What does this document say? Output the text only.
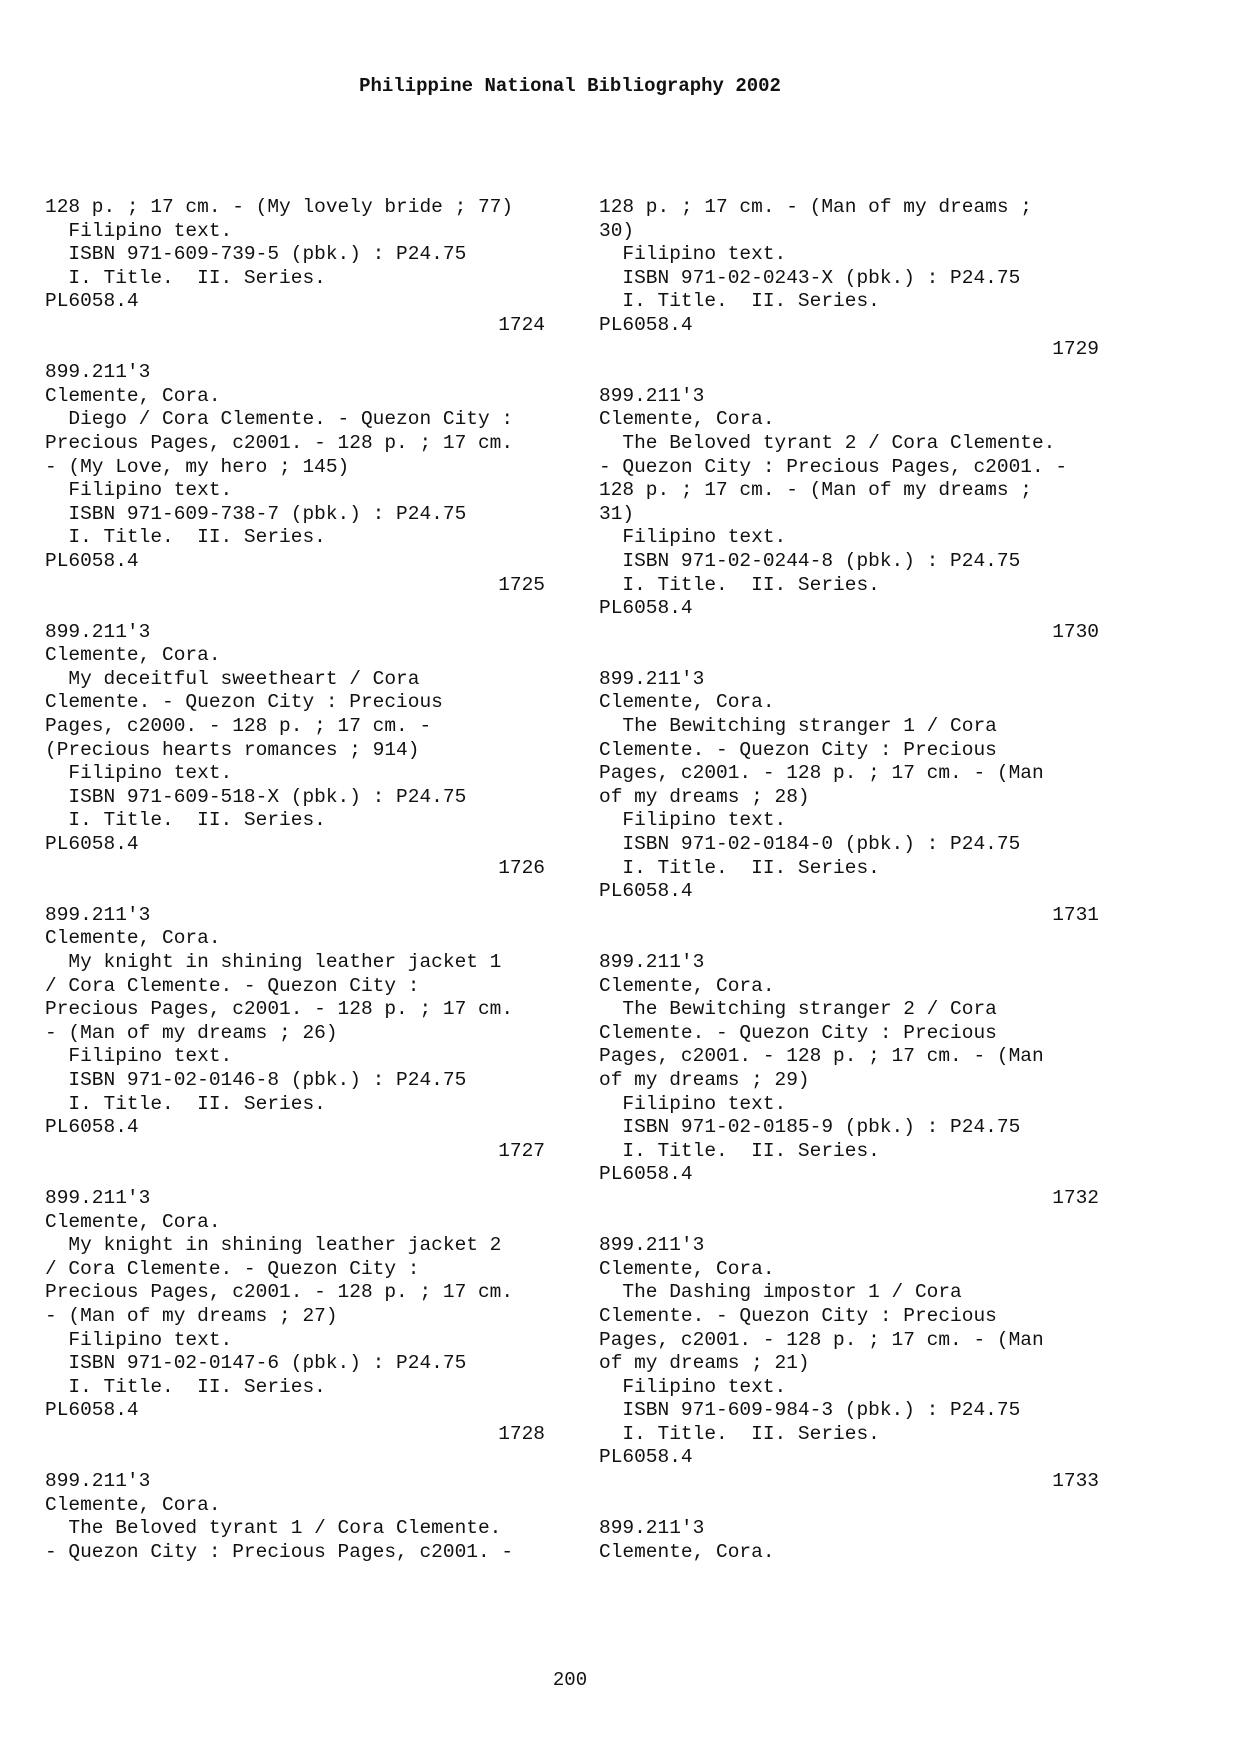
Philippine National Bibliography 2002
128 p. ; 17 cm. - (My lovely bride ; 77)
Filipino text.
ISBN 971-609-739-5 (pbk.) : P24.75
I. Title.  II. Series.
PL6058.4
1724
899.211'3
Clemente, Cora.
Diego / Cora Clemente. - Quezon City :
Precious Pages, c2001. - 128 p. ; 17 cm.
- (My Love, my hero ; 145)
Filipino text.
ISBN 971-609-738-7 (pbk.) : P24.75
I. Title.  II. Series.
PL6058.4
1725
899.211'3
Clemente, Cora.
My deceitful sweetheart / Cora
Clemente. - Quezon City : Precious
Pages, c2000. - 128 p. ; 17 cm. -
(Precious hearts romances ; 914)
Filipino text.
ISBN 971-609-518-X (pbk.) : P24.75
I. Title.  II. Series.
PL6058.4
1726
899.211'3
Clemente, Cora.
My knight in shining leather jacket 1
/ Cora Clemente. - Quezon City :
Precious Pages, c2001. - 128 p. ; 17 cm.
- (Man of my dreams ; 26)
Filipino text.
ISBN 971-02-0146-8 (pbk.) : P24.75
I. Title.  II. Series.
PL6058.4
1727
899.211'3
Clemente, Cora.
My knight in shining leather jacket 2
/ Cora Clemente. - Quezon City :
Precious Pages, c2001. - 128 p. ; 17 cm.
- (Man of my dreams ; 27)
Filipino text.
ISBN 971-02-0147-6 (pbk.) : P24.75
I. Title.  II. Series.
PL6058.4
1728
899.211'3
Clemente, Cora.
The Beloved tyrant 1 / Cora Clemente.
- Quezon City : Precious Pages, c2001. -
128 p. ; 17 cm. - (Man of my dreams ;
30)
Filipino text.
ISBN 971-02-0243-X (pbk.) : P24.75
I. Title.  II. Series.
PL6058.4
1729
899.211'3
Clemente, Cora.
The Beloved tyrant 2 / Cora Clemente.
- Quezon City : Precious Pages, c2001. -
128 p. ; 17 cm. - (Man of my dreams ;
31)
Filipino text.
ISBN 971-02-0244-8 (pbk.) : P24.75
I. Title.  II. Series.
PL6058.4
1730
899.211'3
Clemente, Cora.
The Bewitching stranger 1 / Cora
Clemente. - Quezon City : Precious
Pages, c2001. - 128 p. ; 17 cm. - (Man
of my dreams ; 28)
Filipino text.
ISBN 971-02-0184-0 (pbk.) : P24.75
I. Title.  II. Series.
PL6058.4
1731
899.211'3
Clemente, Cora.
The Bewitching stranger 2 / Cora
Clemente. - Quezon City : Precious
Pages, c2001. - 128 p. ; 17 cm. - (Man
of my dreams ; 29)
Filipino text.
ISBN 971-02-0185-9 (pbk.) : P24.75
I. Title.  II. Series.
PL6058.4
1732
899.211'3
Clemente, Cora.
The Dashing impostor 1 / Cora
Clemente. - Quezon City : Precious
Pages, c2001. - 128 p. ; 17 cm. - (Man
of my dreams ; 21)
Filipino text.
ISBN 971-609-984-3 (pbk.) : P24.75
I. Title.  II. Series.
PL6058.4
1733
899.211'3
Clemente, Cora.
200
